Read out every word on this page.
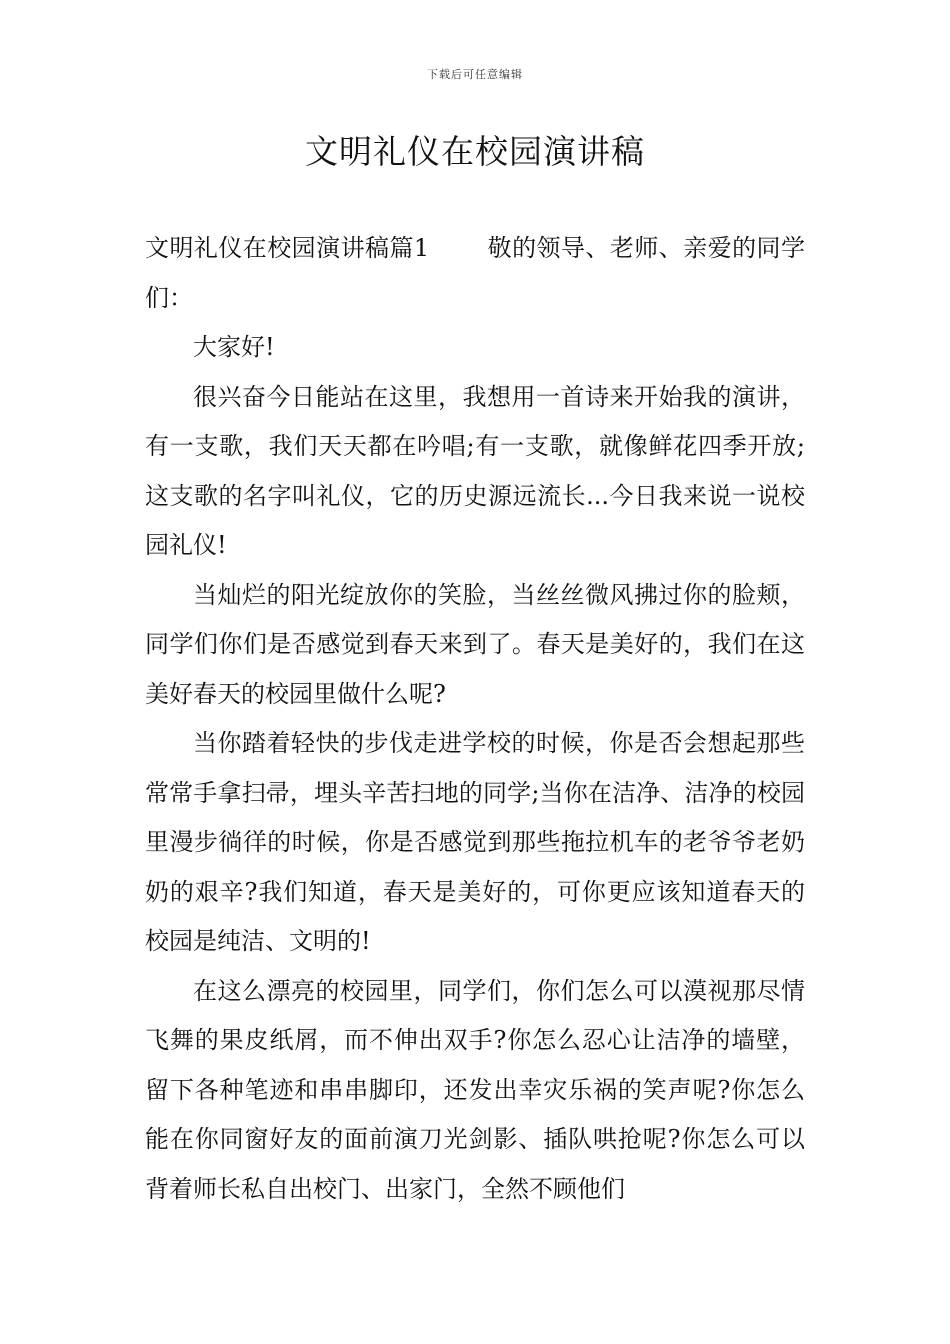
下载后可任意编辑
文明礼仪在校园演讲稿

文明礼仪在校园演讲稿篇1 敬的领导、老师、亲爱的同学们：

大家好!

很兴奋今日能站在这里，我想用一首诗来开始我的演讲，有一支歌，我们天天都在吟唱;有一支歌，就像鲜花四季开放;这支歌的名字叫礼仪，它的历史源远流长...今日我来说一说校园礼仪!

当灿烂的阳光绽放你的笑脸，当丝丝微风拂过你的脸颊，同学们你们是否感觉到春天来到了。春天是美好的，我们在这美好春天的校园里做什么呢?

当你踏着轻快的步伐走进学校的时候，你是否会想起那些常常手拿扫帚，埋头辛苦扫地的同学;当你在洁净、洁净的校园里漫步徜徉的时候，你是否感觉到那些拖拉机车的老爷爷老奶奶的艰辛?我们知道，春天是美好的，可你更应该知道春天的校园是纯洁、文明的!

在这么漂亮的校园里，同学们，你们怎么可以漠视那尽情飞舞的果皮纸屑，而不伸出双手?你怎么忍心让洁净的墙壁，留下各种笔迹和串串脚印，还发出幸灾乐祸的笑声呢?你怎么能在你同窗好友的面前演刀光剑影、插队哄抢呢?你怎么可以背着师长私自出校门、出家门，全然不顾他们
